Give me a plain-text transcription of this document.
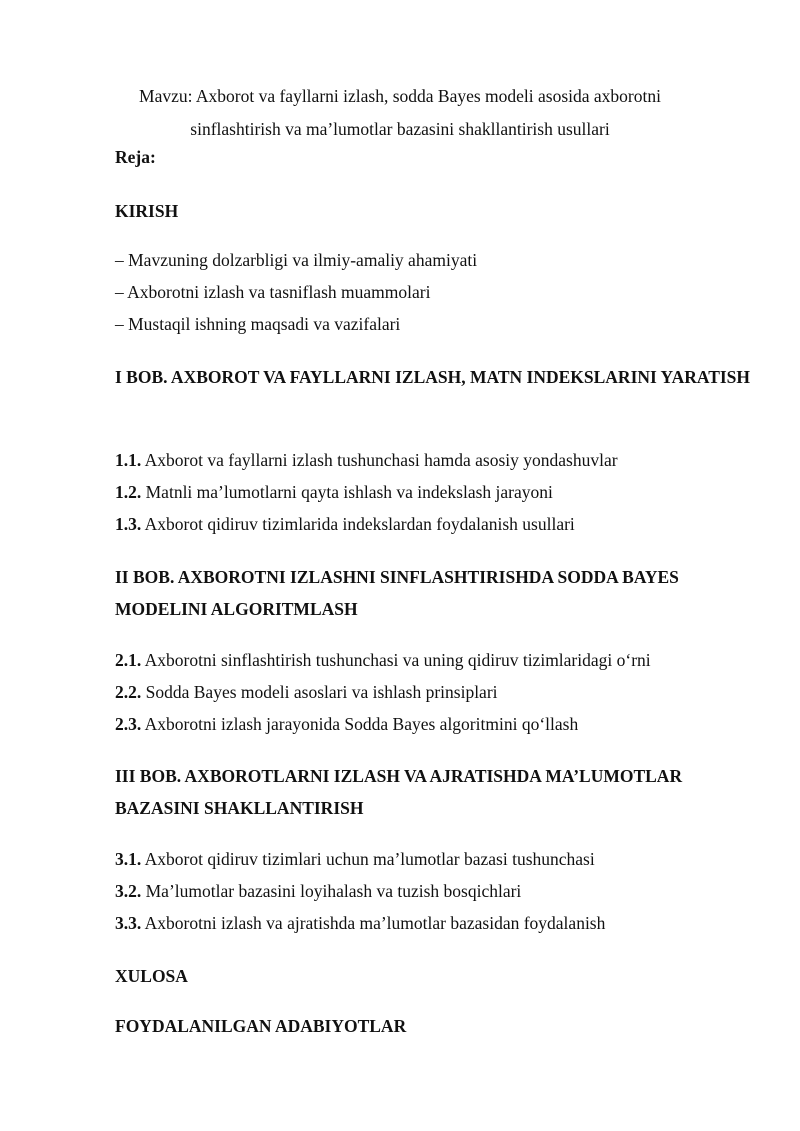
Mavzu: Axborot va fayllarni izlash, sodda Bayes modeli asosida axborotni sinflashtirish va ma’lumotlar bazasini shakllantirish usullari

Reja:

KIRISH

– Mavzuning dolzarbligi va ilmiy-amaliy ahamiyati

– Axborotni izlash va tasniflash muammolari

– Mustaqil ishning maqsadi va vazifalari

I BOB. AXBOROT VA FAYLLARNI IZLASH, MATN INDEKSLARINI YARATISH

1.1. Axborot va fayllarni izlash tushunchasi hamda asosiy yondashuvlar

1.2. Matnli ma’lumotlarni qayta ishlash va indekslash jarayoni

1.3. Axborot qidiruv tizimlarida indekslardan foydalanish usullari

II BOB. AXBOROTNI IZLASHNI SINFLASHTIRISHDA SODDA BAYES MODELINI ALGORITMLASH

2.1. Axborotni sinflashtirish tushunchasi va uning qidiruv tizimlaridagi o‘rni

2.2. Sodda Bayes modeli asoslari va ishlash prinsiplari

2.3. Axborotni izlash jarayonida Sodda Bayes algoritmini qo‘llash

III BOB. AXBOROTLARNI IZLASH VA AJRATISHDA MA’LUMOTLAR BAZASINI SHAKLLANTIRISH

3.1. Axborot qidiruv tizimlari uchun ma’lumotlar bazasi tushunchasi

3.2. Ma’lumotlar bazasini loyihalash va tuzish bosqichlari

3.3. Axborotni izlash va ajratishda ma’lumotlar bazasidan foydalanish

XULOSA

FOYDALANILGAN ADABIYOTLAR
